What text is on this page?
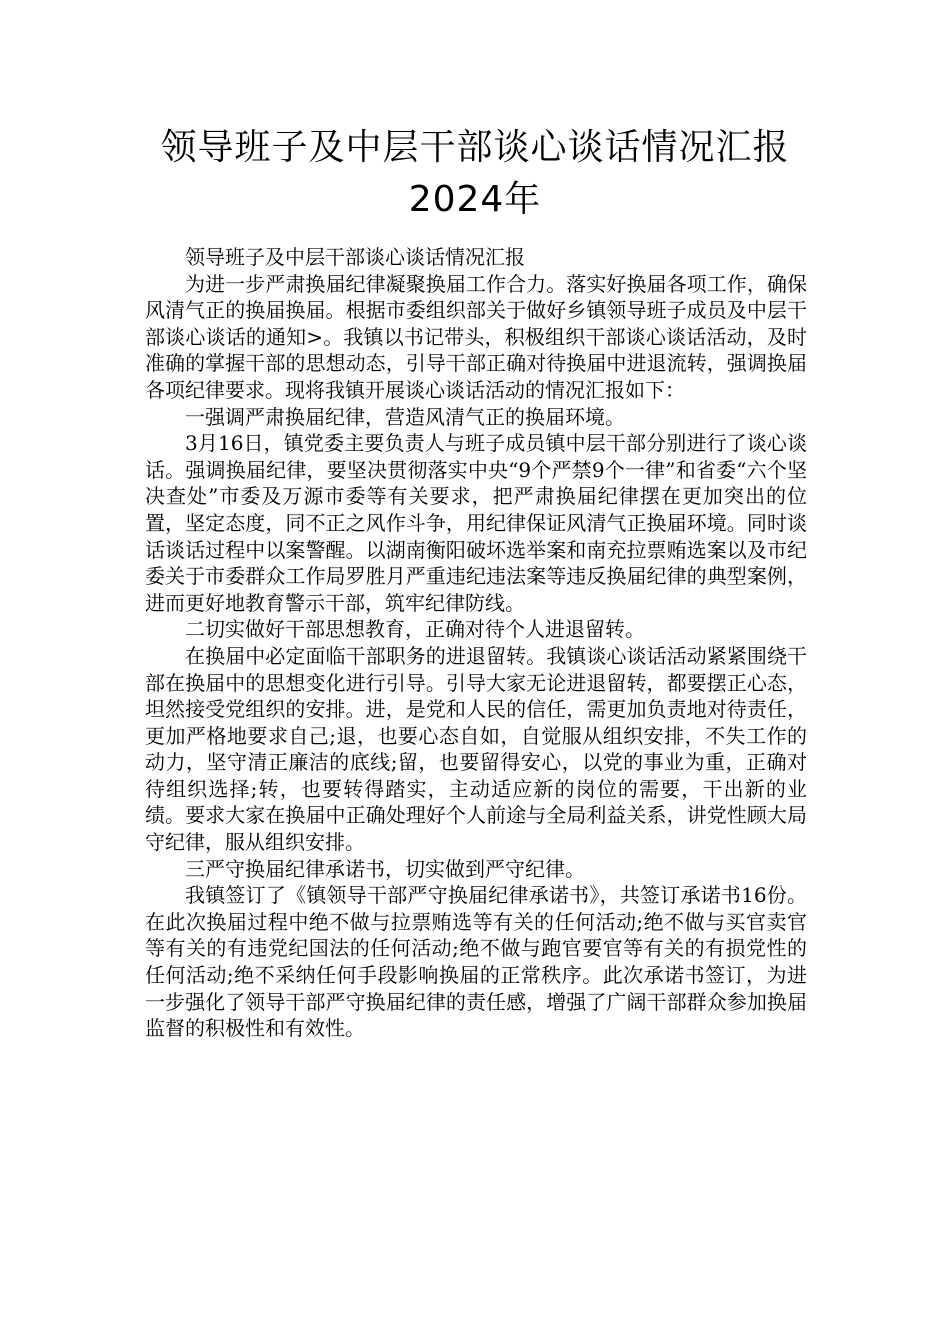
领导班子及中层干部谈心谈话情况汇报
2024年

领导班子及中层干部谈心谈话情况汇报

为进一步严肃换届纪律凝聚换届工作合力。落实好换届各项工作，确保风清气正的换届换届。根据市委组织部关于做好乡镇领导班子成员及中层干部谈心谈话的通知>。我镇以书记带头，积极组织干部谈心谈话活动，及时准确的掌握干部的思想动态，引导干部正确对待换届中进退流转，强调换届各项纪律要求。现将我镇开展谈心谈话活动的情况汇报如下：

一强调严肃换届纪律，营造风清气正的换届环境。

3月16日，镇党委主要负责人与班子成员镇中层干部分别进行了谈心谈话。强调换届纪律，要坚决贯彻落实中央“9个严禁9个一律”和省委“六个坚决查处”市委及万源市委等有关要求，把严肃换届纪律摆在更加突出的位置，坚定态度，同不正之风作斗争，用纪律保证风清气正换届环境。同时谈话谈话过程中以案警醒。以湖南衡阳破坏选举案和南充拉票贿选案以及市纪委关于市委群众工作局罗胜月严重违纪违法案等违反换届纪律的典型案例，进而更好地教育警示干部，筑牢纪律防线。

二切实做好干部思想教育，正确对待个人进退留转。

在换届中必定面临干部职务的进退留转。我镇谈心谈话活动紧紧围绕干部在换届中的思想变化进行引导。引导大家无论进退留转，都要摆正心态，坦然接受党组织的安排。进，是党和人民的信任，需更加负责地对待责任，更加严格地要求自己;退，也要心态自如，自觉服从组织安排，不失工作的动力，坚守清正廉洁的底线;留，也要留得安心，以党的事业为重，正确对待组织选择;转，也要转得踏实，主动适应新的岗位的需要，干出新的业绩。要求大家在换届中正确处理好个人前途与全局利益关系，讲党性顾大局守纪律，服从组织安排。

三严守换届纪律承诺书，切实做到严守纪律。

我镇签订了《镇领导干部严守换届纪律承诺书》，共签订承诺书16份。在此次换届过程中绝不做与拉票贿选等有关的任何活动;绝不做与买官卖官等有关的有违党纪国法的任何活动;绝不做与跑官要官等有关的有损党性的任何活动;绝不采纳任何手段影响换届的正常秩序。此次承诺书签订，为进一步强化了领导干部严守换届纪律的责任感，增强了广阔干部群众参加换届监督的积极性和有效性。
